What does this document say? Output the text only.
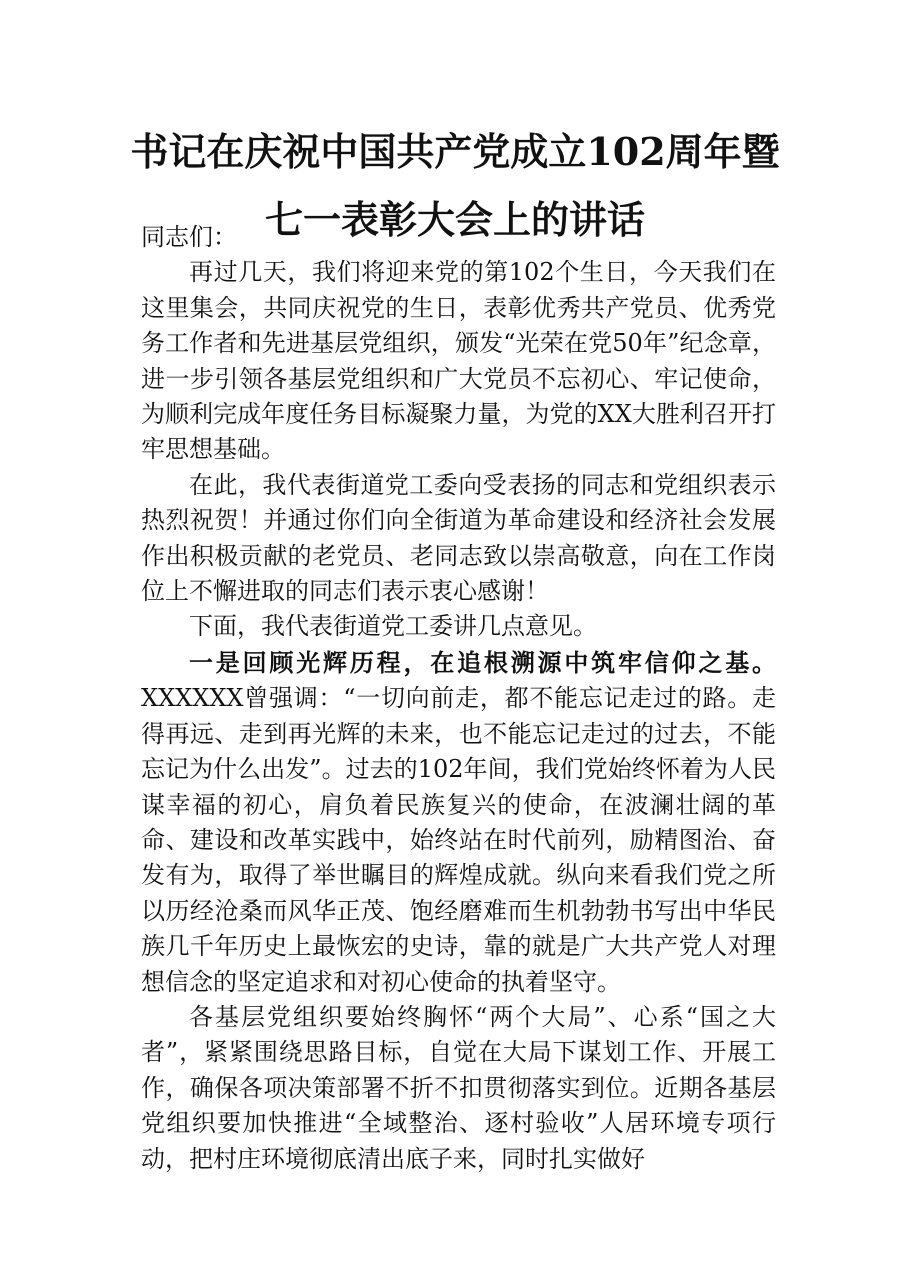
书记在庆祝中国共产党成立102周年暨七一表彰大会上的讲话

同志们：

再过几天，我们将迎来党的第102个生日，今天我们在这里集会，共同庆祝党的生日，表彰优秀共产党员、优秀党务工作者和先进基层党组织，颁发“光荣在党50年”纪念章，进一步引领各基层党组织和广大党员不忘初心、牢记使命，为顺利完成年度任务目标凝聚力量，为党的XX大胜利召开打牢思想基础。

在此，我代表街道党工委向受表扬的同志和党组织表示热烈祝贺！并通过你们向全街道为革命建设和经济社会发展作出积极贡献的老党员、老同志致以崇高敬意，向在工作岗位上不懈进取的同志们表示衷心感谢！

下面，我代表街道党工委讲几点意见。

一是回顾光辉历程，在追根溯源中筑牢信仰之基。XXXXXX曾强调：“一切向前走，都不能忘记走过的路。走得再远、走到再光辉的未来，也不能忘记走过的过去，不能忘记为什么出发”。过去的102年间，我们党始终怀着为人民谋幸福的初心，肩负着民族复兴的使命，在波澜壮阔的革命、建设和改革实践中，始终站在时代前列，励精图治、奋发有为，取得了举世瞩目的辉煌成就。纵向来看我们党之所以历经沧桑而风华正茂、饱经磨难而生机勃勃书写出中华民族几千年历史上最恢宏的史诗，靠的就是广大共产党人对理想信念的坚定追求和对初心使命的执着坚守。

各基层党组织要始终胸怀“两个大局”、心系“国之大者”，紧紧围绕思路目标，自觉在大局下谋划工作、开展工作，确保各项决策部署不折不扣贯彻落实到位。近期各基层党组织要加快推进“全域整治、逐村验收”人居环境专项行动，把村庄环境彻底清出底子来，同时扎实做好
